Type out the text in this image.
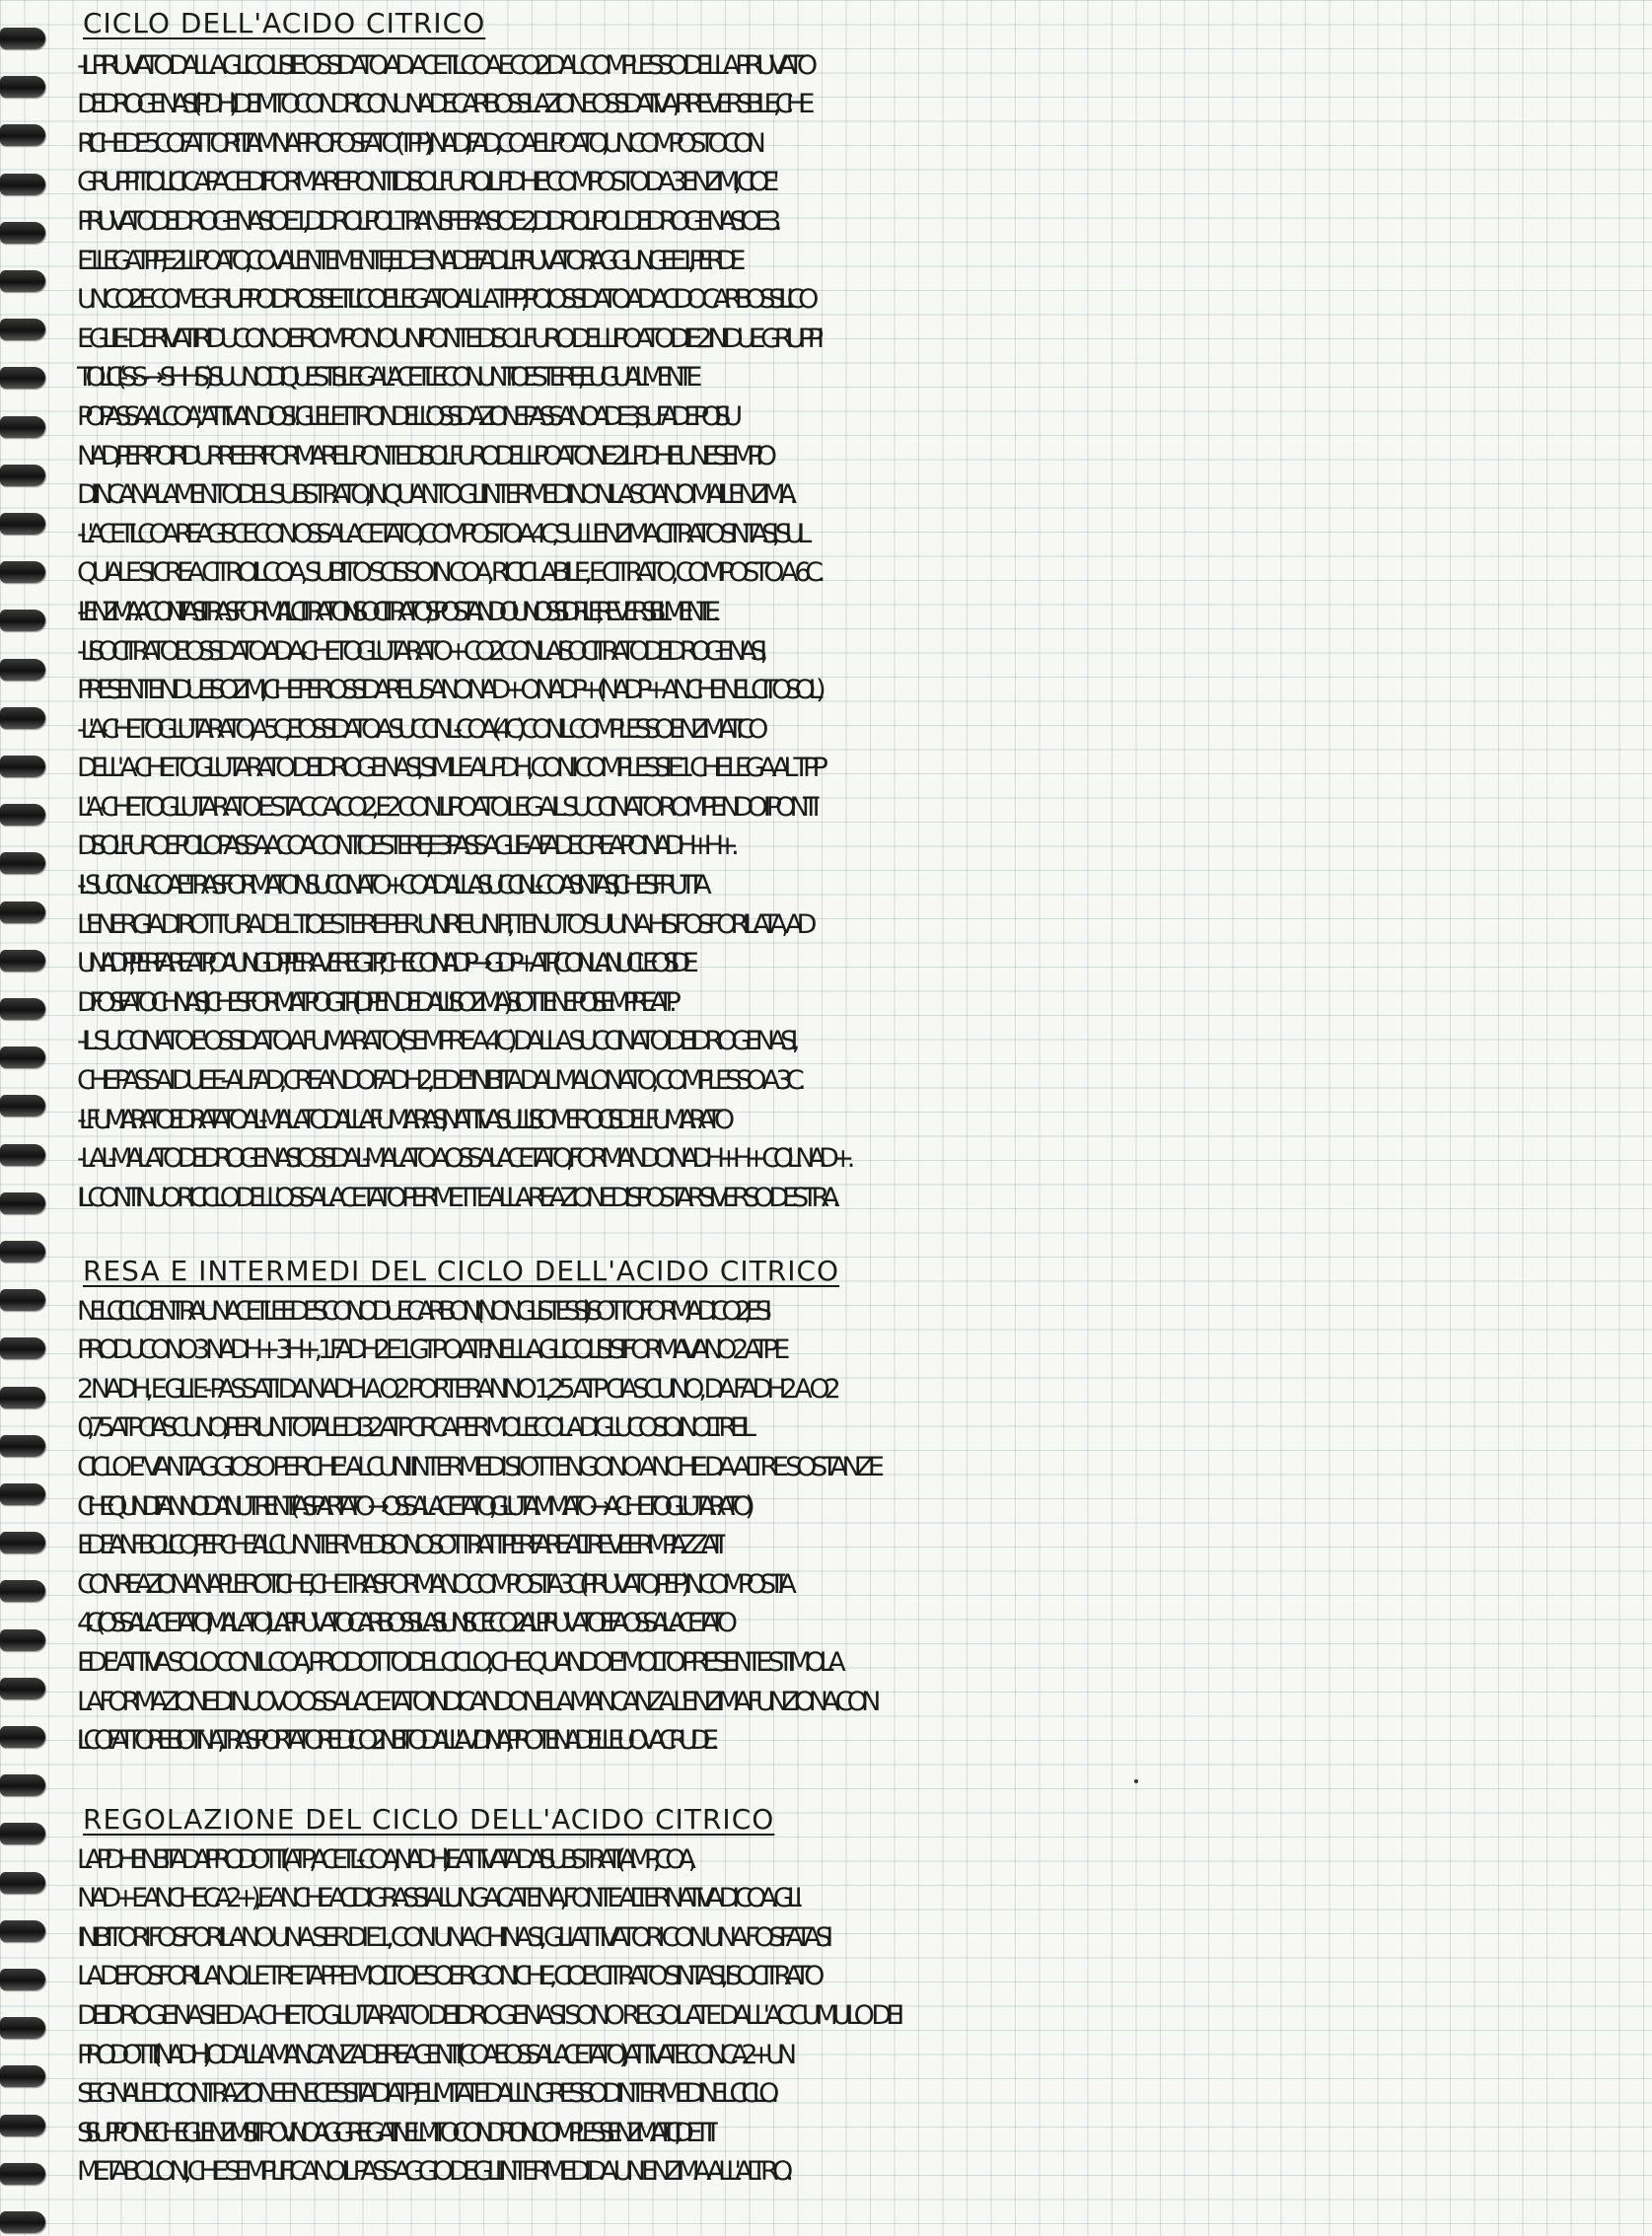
CICLO DELL'ACIDO CITRICO
- IL PIRUVATO DALLA GLICOLISI E' OSSIDATO AD ACETILCOA E CO2 DAL COMPLESSO DELLA PIRUVATO
DEIDROGENASI (PDH) DEI MITOCONDRI CON UNA DECARBOSSILAZIONE OSSIDATIVA, IRREVERSIBILE, CHE
RICHIEDE 5 COFATTORI: TIAMINA PIROFOSFATO (TPP), NAD, FAD, COA E LIPOATO, UN COMPOSTO CON
GRUPPI TIOLICI CAPACE DI FORMARE PONTI DISOLFURO. IL PDH E' COMPOSTO DA 3 ENZIMI, CIOE'
PIRUVATO DEIDROGENASI O E1, DIIDROLIPOIL TRANSFERASI O E2, DIIDROLIPOIL DEIDROGENASI O E3.
E1 LEGA TPP, E2 IL LIPOATO, COVALENTEMENTE, ED E3 NAD E FAD. IL PIRUVATO RAGGIUNGE E1, PERDE
UN CO2 E COME GRUPPO IDROSSIETILICO E' LEGATO ALLA TPP, POI OSSIDATO AD ACIDO CARBOSSILICO
E GLI E- DERIVATI RIDUCONO E ROMPONO UN PONTE DISOLFURO DEL LIPOATO DI E2 IN DUE GRUPPI
TIOLICI (-S-S- → -SH HS-). SU UNO DI QUESTI SI LEGA L'ACETILE CON UN TIOESTERE, E UGUALMENTE
POI PASSA AL COA, "ATTIVANDOSI". GLI ELETTRONI DELL'OSSIDAZIONE PASSANO AD E3, SU FAD E POI SU
NAD, PER POI RIDURRE E RIFORMARE IL PONTE DISOLFURO DEL LIPOATO IN E2. IL PDH E' UN ESEMPIO
DI INCANALAMENTO DEL SUBSTRATO, IN QUANTO GLI INTERMEDI NON LASCIANO MAI L'ENZIMA.
-L'ACETILCOA REAGISCE CON OSSALACETATO, COMPOSTO A 4C, SULL'ENZIMA CITRATO SINTASI, SUL
QUALE SI CREA CITROILCOA, SUBITO SCISSO IN COA, RICICLABILE, E CITRATO, COMPOSTO A 6C.
- L'ENZIMA ACONITASI TRASFORMA IL CITRATO IN ISOCITRATO, SPOSTANDO UN OSSIDRILE, REVERSIBILMENTE.
- L'ISOCITRATO E' OSSIDATO AD Α-CHETOGLUTARATO + CO2 CON LA ISOCITRATO DEIDROGENASI,
PRESENTE IN DUE ISOZIMI, CHE PER OSSIDARE USANO NAD+ O NADP+ (NADP+ ANCHE NEL CITOSOL)
- L'Α-CHETOGLUTARATO, A 5C, E' OSSIDATO A SUCCINIL-COA (4C) CON IL COMPLESSO ENZIMATICO
DELL' Α-CHETOGLUTARATO DEIDROGENASI, SIMILE AL PDH, CON I COMPLESSI E1 CHE LEGA AL TPP
L'Α-CHETOGLUTARATO E STACCA CO2, E2 CON LIPOATO LEGA IL SUCCINATO ROMPENDO I PONTI
DISOLFURO E POI LO PASSA A COA CON TIOESTERE, E3 PASSA GLI E- A FAD E CREA POI NADH+H+.
- IL SUCCINIL-COA E' TRASFORMATO IN SUCCINATO + COA DALLA SUCCINIL-COA SINTASI, CHE SFRUTTA
L'ENERGIA DI ROTTURA DEL TIOESTERE PER UNIRE UN PI, TENUTO SU UNA HIS FOSFORILATA, AD
UN ADP, PER FARE ATP, O A UN GDP, PER AVERE GTP, CHE CON ADP → GDP + ATP (CON LA NUCLEOSIDE
DIFOSFATO CHINASI). CHE SI FORMI ATP O GTP (DIPENDE DALL'ISOZIMA) SI OTTIENE POI SEMPRE ATP.
- IL SUCCINATO E' OSSIDATO A FUMARATO (SEMPRE A 4C) DALLA SUCCINATO DEIDROGENASI,
CHE PASSA I DUE E- AL FAD, CREANDO FADH2, ED E' INIBITA DAL MALONATO, COMPLESSO A 3C.
- IL FUMARATO E' IDRATATO A L-MALATO DALLA FUMARASI, INATTIVA SULL'ISOMERO CIS DEL FUMARATO
- LA L-MALATO DEIDROGENASI OSSIDA L-MALATO A OSSALACETATO, FORMANDO NADH+H+ COL NAD+.
IL CONTINUO RICICLO DELL'OSSALACETATO PERMETTE ALLA REAZIONE DI SPOSTARSI VERSO DESTRA.
RESA E INTERMEDI DEL CICLO DELL'ACIDO CITRICO
NEL CICLO ENTRA UN ACETILE ED ESCONO DUE CARBONI (NON GLI STESSI) SOTTOFORMA DI CO2, E SI
PRODUCONO 3 NADH + 3H+, 1 FADH2 E 1 GTP O ATP. NELLA GLICOLISI SI FORMAVANO 2 ATP E
2 NADH, E GLI E- PASSATI DA NADH A O2 PORTERANNO 1,25 ATP CIASCUNO, DA FADH2 A O2
0,75 ATP CIASCUNO, PER UN TOTALE DI 32 ATP CIRCA PER MOLECOLA DI GLUCOSIO. INOLTRE IL
CICLO E' VANTAGGIOSO PERCHE' ALCUNI INTERMEDI SI OTTENGONO ANCHE DA ALTRE SOSTANZE
CHE QUINDI FANNO DA NUTRIENTI (ASPARTATO → OSSALACETATO, GLUTAMMATO → Α-CHETOGLUTARATO)
ED E' ANFIBOLICO, PERCHE' ALCUNI INTERMEDI SONO SOTTRATTI PER FARE ALTRE VIE E RIMPIAZZATI
CON REAZIONI ANAPLEROTICHE, CHE TRASFORMANO COMPOSTI A 3C (PIRUVATO, PEP) IN COMPOSTI A
4C (OSSALACETATO, MALATO). LA PIRUVATO CARBOSSILASI UNISCE CO2 AL PIRUVATO E FA OSSALACETATO
ED E' ATTIVA SOLO CON IL COA, PRODOTTO DEL CICLO, CHE QUANDO E' MOLTO PRESENTE STIMOLA
LA FORMAZIONE DI NUOVO OSSALACETATO INDICANDONE LA MANCANZA. L'ENZIMA FUNZIONA CON
IL COFATTORE BIOTINA, TRASPORTATORE DI CO2 INIBITO DALL'AVIDINA, PROTEINA DELLE UOVA CRUDE.
REGOLAZIONE DEL CICLO DELL'ACIDO CITRICO
LA PDH E' INIBITA DAI PRODOTTI (ATP, ACETIL-COA, NADH) E ATTIVATA DAI SUBSTRATI (AMP, COA,
NAD+ E ANCHE CA2+), E ANCHE ACIDI GRASSI A LUNGA CATENA, FONTE ALTERNATIVA DI COA. GLI
INIBITORI FOSFORILANO UNA SER DI E1, CON UNA CHINASI, GLI ATTIVATORI CON UNA FOSFATASI
LA DEFOSFORILANO. LE TRE TAPPE MOLTO ESOERGONICHE, CIOE' CITRATO SINTASI, ISOCITRATO
DEIDROGENASI ED Α-CHETOGLUTARATO DEIDROGENASI SONO REGOLATE DALL'ACCUMULO DEI
PRODOTTI (NADH) O DALLA MANCANZA DEI REAGENTI (COA E OSSALACETATO), ATTIVATE CON CA2+ UN
SEGNALE DI CONTRAZIONE E NECESSITA' DI ATP, E LIMITATE DALL'INGRESSO DI INTERMEDI NEL CICLO.
SI SUPPONE CHE GLI ENZIMI SI TROVINO AGGREGATI NEL MITOCONDRIO IN COMPLESSI ENZIMATICI, DETTI
METABOLONI, CHE SEMPLIFICANO IL PASSAGGIO DEGLI INTERMEDI DA UN ENZIMA ALL'ALTRO.
